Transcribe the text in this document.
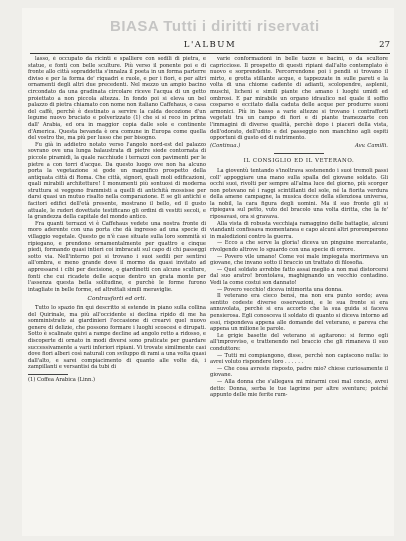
BIASA Tutti i diritti riservati
L'ALBUM	27

lasso, è occupato da ricinti e spalliere con sedili di pietra, e statue, e fonti con belle sculture. Più verso il ponente poi e di fronte allo città sopraddetta s'innalza il poeta in un forma parterre diviso e per la forma de' riquadri e ruole, e per i fiori, e per altri ornamenti degli altri due precedenti. Nel mezzo un ampio bacino circondato da una gradinata circolare riceve l'acqua di un getto proiettato a non piccola altezza. In fondo poi si eleva un bel palazzo di pietra chiamato con nome non italiano Caffehaus, o casa del caffè, perchè è destinato a servire la calda decozione d'un legume nuovo bruciato e polverizzato (1) che si si reco in prima dall' Arabia, ed ora in maggior copia dalle sole e continente d'America. Questa bevanda è ora comune in Europa come quella del vostro the, ma più per lusso che per bisogno.

Fu già in addietro notato verso l'angolo nord-est del palazzo sovrano ove una lunga balaustrata di pietre siede contornata di piccole piramidi, la quale racchiude i terrazzi con pavimenti per le pietre a con torri d'acque. Da questo luogo ove non ha alcuno porta la vegetazione si gode un magnifico prospetto della antiquata città di Roma. Che città, signori, quali moli edificazioni, quali mirabili architetture! I monumenti più sontuosi di moderna struttura si veggono frammisti a quelli di antichità mossisse per darsi quasi un mutuo risalto nella comparazione. E se gli antichi e facitori edifici dell'età presente, mostrano il bello, ed il gusto attuale, le ruderi dovettate testificano gli ordini di vestiti secoli, e la grandezza della capitale del mondo antico.

Fra quanti terrazzi vi è Caffehaus vedete una nostra fronte di moro aderente con una porta che dà ingresso ad una specie di villaggio vegetale. Questo ge n'è case situate sulla loro sommità si ripiegano, e prendono ornamentalmente per quattro e cinque piedi, formando quasi intieri coi imbracati sul capo di chi passeggi sotto via. Nell'interno poi si trovano i suoi sedili per sentirsi all'ombra, e meno grande dove il mormo da quasi invitato ad appressarsi i cibi per decisione, o giardinetti con alcune sculture, fonti che cui ricadete delle acque dentro un grata monte per l'assenza questa bella solitudine, e purchè le forme furono intagliate in belle forme, ed altrettali simili meraviglie.

Contrasforti ed orti.

Tutto lo spazio fin qui descritto si estende in piano sulla collina del Quirinale, ma più all'occidente si declina ripido di me ha somministrato ai giardinieri l'occasione di crearvi quel nuovo genere di delizie, che possono formare i luoghi scoscesi e dirupati. Sotto è scalinate quivi a rampe decline ad angolo retto a ridosso, e discoperte di ornato in modi diversi sono praticate per guardare successivamente a varii inferiori ripiani. Vi trovate similmente casi dove fiori alberi così naturali con sviluppo di rami a una volta quasi dall'alto, e sarei compiacimento di quanto alle volte dà, i zampillanti e versantisi da tubi di

(1) Coffea Arabica (Linn.)

varie conformazioni in belle tazze e bacini, o da scultore capricciose. Il prospetto di questi ripiani dall'alto contemplato è nuovo e sorprendente. Percorrendone poi i pendii si trovano il mirto, e grotta stillante acque, e tappezzate in sulle pareti e la volta di una chiome cadente di adianti, scolopendre, asplenii, muschi, licheni e simili piante che amano i luoghi umidi ed ombrosi. E par mirabile un organo idraulico nel quale il soffio cosparso e eccitato dalla caduta delle acque per produrre suoni armonici. Più in basso a varie altezze si trovano i contrafforti vegetati tra un campo di fiori e di piante tramezzarte con l'immagini di diverse qualità, perchè dopo i piaceri della vista, dell'odorato, dell'udito e del passeggio non manchino agli ospiti opportuni di gusto ed di nutrimento.

(Continua.)	Avv. Camilli.

IL CONSIGLIO ED IL VETERANO.

La gioventù tentando s'inoltrava sostenendo i suoi tremoli passi coll' appoggiare una mano sulla spalla del giovane soldato. Gli occhi suoi, rivolti per sempre all'alma luce del giorno, più scorger non potevano né i raggi scintillanti del sole, né la fiorita verdura della amene campagne, la musica docce della silenziosa universa, la nobil, la cara figura degli uomini. Ma il suo fronte gli si ripiegava sul petto, vuto del bracolo una volta diritta, che la fe' riposavasi, ora si gravava.

Alla vista di robusta vecchiaja ramaggino delle battaglie, alcuni viandanti confissava momentanea e capo alcuni altri proromperono in maledizioni contro la guerra.

— Ecco a che serve la gloria! diceva un pinguine mercatante, rivolgendo altrove lo sguardo con una specie di orrore.

— Povero vile umano! Come voi male impiegata morirmeva un giovane, che invano sotto il braccio un trattato di filosofia.

— Quel soldato avrebbe fatto assai meglio a non mai distorcersi dal suo aratro! brontolava, maghignando un vecchio contadino. Vedi la come costui son dannato!

— Povero vecchio! diceva intimorita una donna.

Il veterano era cieco bensì, ma non era punto sordo; avea sentito codeste diverse osservazioni, e le sua fronte si era annuvolata, perchè si era accorto che la sua guida si faceva pensierosa. Egli conosceva il soldato di quanto si diceva intorno ad essi, rispondeva appena alle domande del veterano, e pareva che appena un milione le parole.

Le grigie basette del veterano si agitarono: si fermo egli all'improvviso, e trattenendo nel braccio che gli rimaneva il suo conduttore:

— Tutti mi compiangono, disse, perchè non capiscono nulla: io avrei voluto rispondere loro . . . . . .

— Che cosa avreste risposto, padre mio? chiese curiosamente il giovane.

— Alla donna che s'allegava mi mirarmi cosi mal concio, avrei detto: Donna, serba le tue lagrime per altre sventure; poiché appunto delle mie ferite rum-
